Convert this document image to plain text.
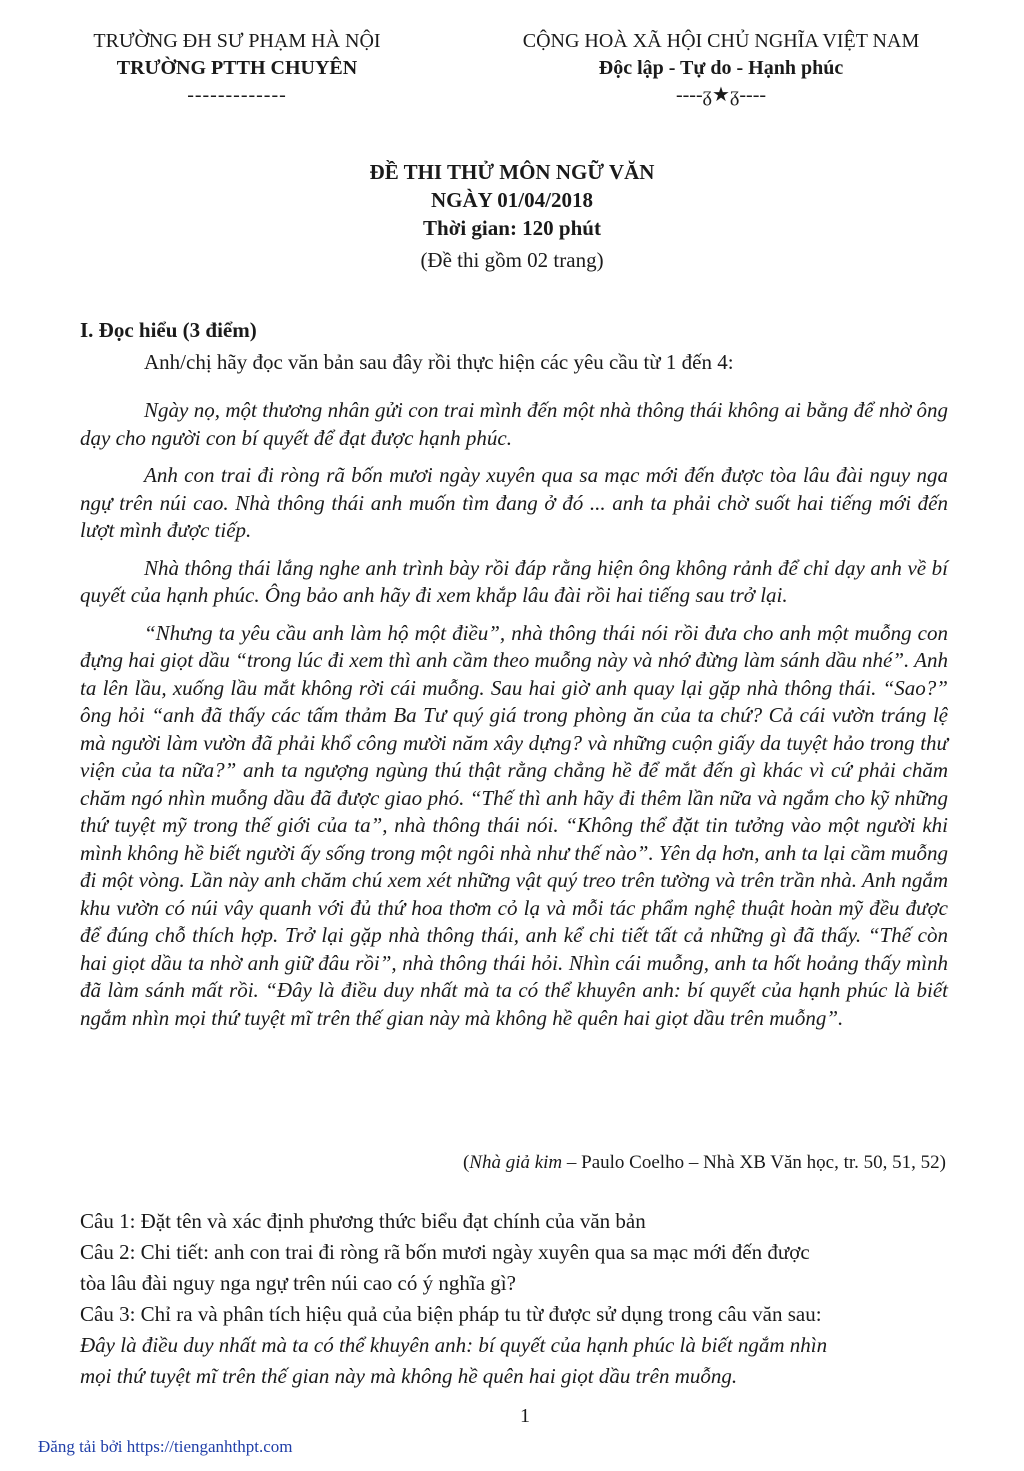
TRƯỜNG ĐH SƯ PHẠM HÀ NỘI
TRƯỜNG PTTH CHUYÊN
-------------
CỘNG HOÀ XÃ HỘI CHỦ NGHĨA VIỆT NAM
Độc lập - Tự do - Hạnh phúc
----ᵹ★ᵹ----
ĐỀ THI THỬ MÔN NGỮ VĂN
NGÀY 01/04/2018
Thời gian: 120 phút
(Đề thi gồm 02 trang)
I. Đọc hiểu (3 điểm)
Anh/chị hãy đọc văn bản sau đây rồi thực hiện các yêu cầu từ 1 đến 4:

Ngày nọ, một thương nhân gửi con trai mình đến một nhà thông thái không ai bằng để nhờ ông dạy cho người con bí quyết để đạt được hạnh phúc.

Anh con trai đi ròng rã bốn mươi ngày xuyên qua sa mạc mới đến được tòa lâu đài nguy nga ngự trên núi cao. Nhà thông thái anh muốn tìm đang ở đó ... anh ta phải chờ suốt hai tiếng mới đến lượt mình được tiếp.

Nhà thông thái lắng nghe anh trình bày rồi đáp rằng hiện ông không rảnh để chỉ dạy anh về bí quyết của hạnh phúc. Ông bảo anh hãy đi xem khắp lâu đài rồi hai tiếng sau trở lại.

“Nhưng ta yêu cầu anh làm hộ một điều”, nhà thông thái nói rồi đưa cho anh một muỗng con đựng hai giọt dầu “trong lúc đi xem thì anh cầm theo muỗng này và nhớ đừng làm sánh dầu nhé”. Anh ta lên lầu, xuống lầu mắt không rời cái muỗng. Sau hai giờ anh quay lại gặp nhà thông thái. “Sao?” ông hỏi “anh đã thấy các tấm thảm Ba Tư quý giá trong phòng ăn của ta chứ? Cả cái vườn tráng lệ mà người làm vườn đã phải khổ công mười năm xây dựng? và những cuộn giấy da tuyệt hảo trong thư viện của ta nữa?” anh ta ngượng ngùng thú thật rằng chẳng hề để mắt đến gì khác vì cứ phải chăm chăm ngó nhìn muỗng dầu đã được giao phó. “Thế thì anh hãy đi thêm lần nữa và ngắm cho kỹ những thứ tuyệt mỹ trong thế giới của ta”, nhà thông thái nói. “Không thể đặt tin tưởng vào một người khi mình không hề biết người ấy sống trong một ngôi nhà như thế nào”. Yên dạ hơn, anh ta lại cầm muỗng đi một vòng. Lần này anh chăm chú xem xét những vật quý treo trên tường và trên trần nhà. Anh ngắm khu vườn có núi vây quanh với đủ thứ hoa thơm cỏ lạ và mỗi tác phẩm nghệ thuật hoàn mỹ đều được để đúng chỗ thích hợp. Trở lại gặp nhà thông thái, anh kể chi tiết tất cả những gì đã thấy. “Thế còn hai giọt dầu ta nhờ anh giữ đâu rồi”, nhà thông thái hỏi. Nhìn cái muỗng, anh ta hốt hoảng thấy mình đã làm sánh mất rồi. “Đây là điều duy nhất mà ta có thể khuyên anh: bí quyết của hạnh phúc là biết ngắm nhìn mọi thứ tuyệt mĩ trên thế gian này mà không hề quên hai giọt dầu trên muỗng”.

(Nhà giả kim – Paulo Coelho – Nhà XB Văn học, tr. 50, 51, 52)
Câu 1: Đặt tên và xác định phương thức biểu đạt chính của văn bản
Câu 2: Chi tiết: anh con trai đi ròng rã bốn mươi ngày xuyên qua sa mạc mới đến được
tòa lâu đài nguy nga ngự trên núi cao có ý nghĩa gì?
Câu 3: Chỉ ra và phân tích hiệu quả của biện pháp tu từ được sử dụng trong câu văn sau:
Đây là điều duy nhất mà ta có thể khuyên anh: bí quyết của hạnh phúc là biết ngắm nhìn
mọi thứ tuyệt mĩ trên thế gian này mà không hề quên hai giọt dầu trên muỗng.
1
Đăng tải bởi https://tienganhthpt.com
